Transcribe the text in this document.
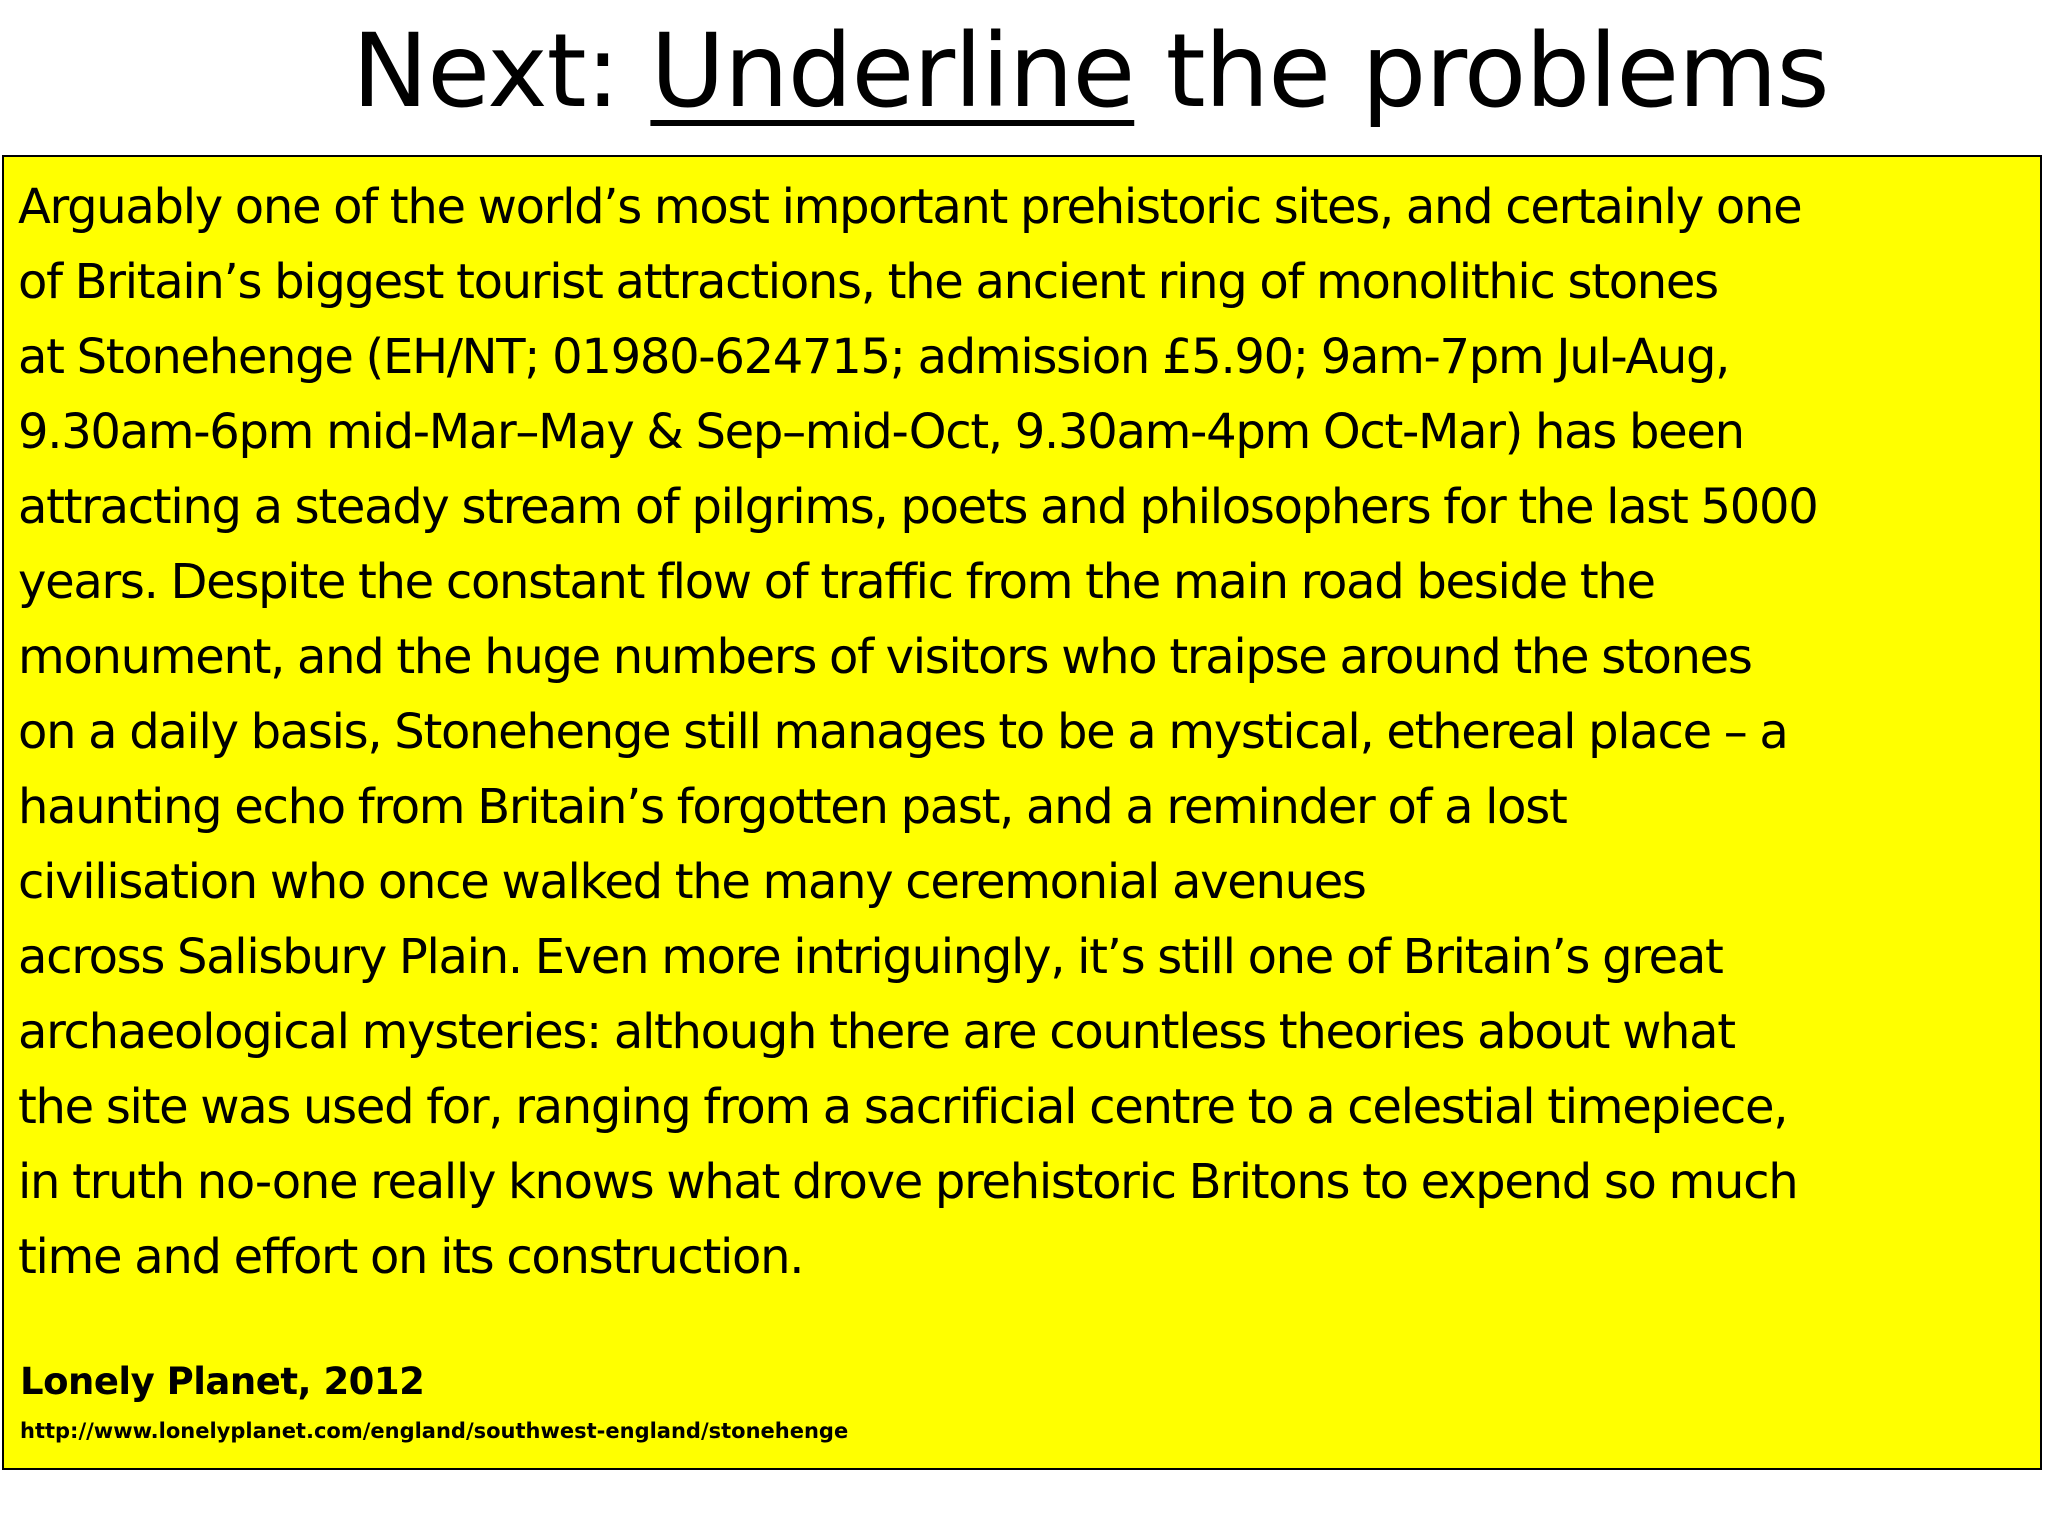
Next: Underline the problems

Arguably one of the world’s most important prehistoric sites, and certainly one
of Britain’s biggest tourist attractions, the ancient ring of monolithic stones
at Stonehenge (EH/NT; 01980-624715; admission £5.90; 9am-7pm Jul-Aug,
9.30am-6pm mid-Mar–May & Sep–mid-Oct, 9.30am-4pm Oct-Mar) has been
attracting a steady stream of pilgrims, poets and philosophers for the last 5000
years. Despite the constant flow of traffic from the main road beside the
monument, and the huge numbers of visitors who traipse around the stones
on a daily basis, Stonehenge still manages to be a mystical, ethereal place – a
haunting echo from Britain’s forgotten past, and a reminder of a lost
civilisation who once walked the many ceremonial avenues
across Salisbury Plain. Even more intriguingly, it’s still one of Britain’s great
archaeological mysteries: although there are countless theories about what
the site was used for, ranging from a sacrificial centre to a celestial timepiece,
in truth no-one really knows what drove prehistoric Britons to expend so much
time and effort on its construction.

Lonely Planet, 2012

http://www.lonelyplanet.com/england/southwest-england/stonehenge
